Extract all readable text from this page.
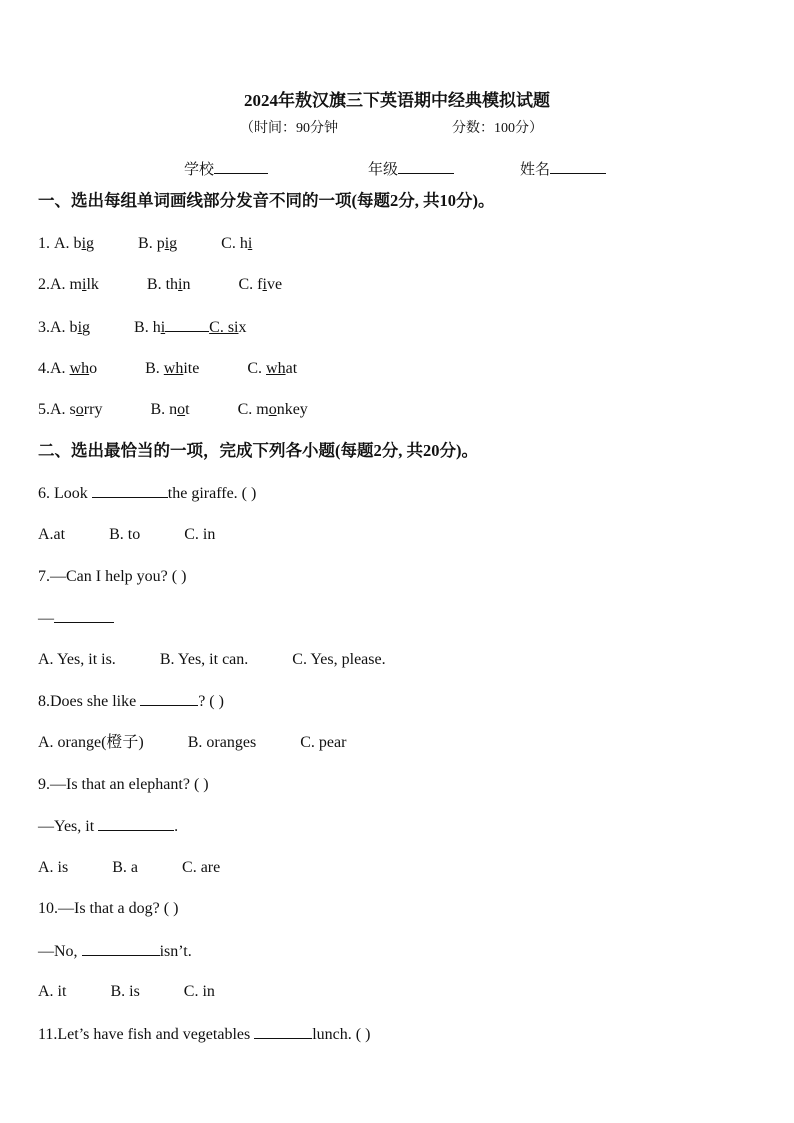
2024年敖汉旗三下英语期中经典模拟试题
（时间：90分钟	分数：100分）
学校	年级	姓名
一、选出每组单词画线部分发音不同的一项(每题2分, 共10分)。
1. A. big	B. pig	C. hi
2.A. milk	B. thin	C. five
3.A. big	B. hi	C. six
4.A. who	B. white	C. what
5.A. sorry	B. not	C. monkey
二、选出最恰当的一项，完成下列各小题(每题2分, 共20分)。
6. Look	the giraffe. ( )
A.at	B. to	C. in
7.—Can I help you? ( )
—
A. Yes, it is.	B. Yes, it can.	C. Yes, please.
8.Does she like	? ( )
A. orange(橙子)	B. oranges	C. pear
9.—Is that an elephant? ( )
—Yes, it	.
A. is	B. a	C. are
10.—Is that a dog? ( )
—No,	isn’t.
A. it	B. is	C. in
11.Let’s have fish and vegetables	lunch. ( )
